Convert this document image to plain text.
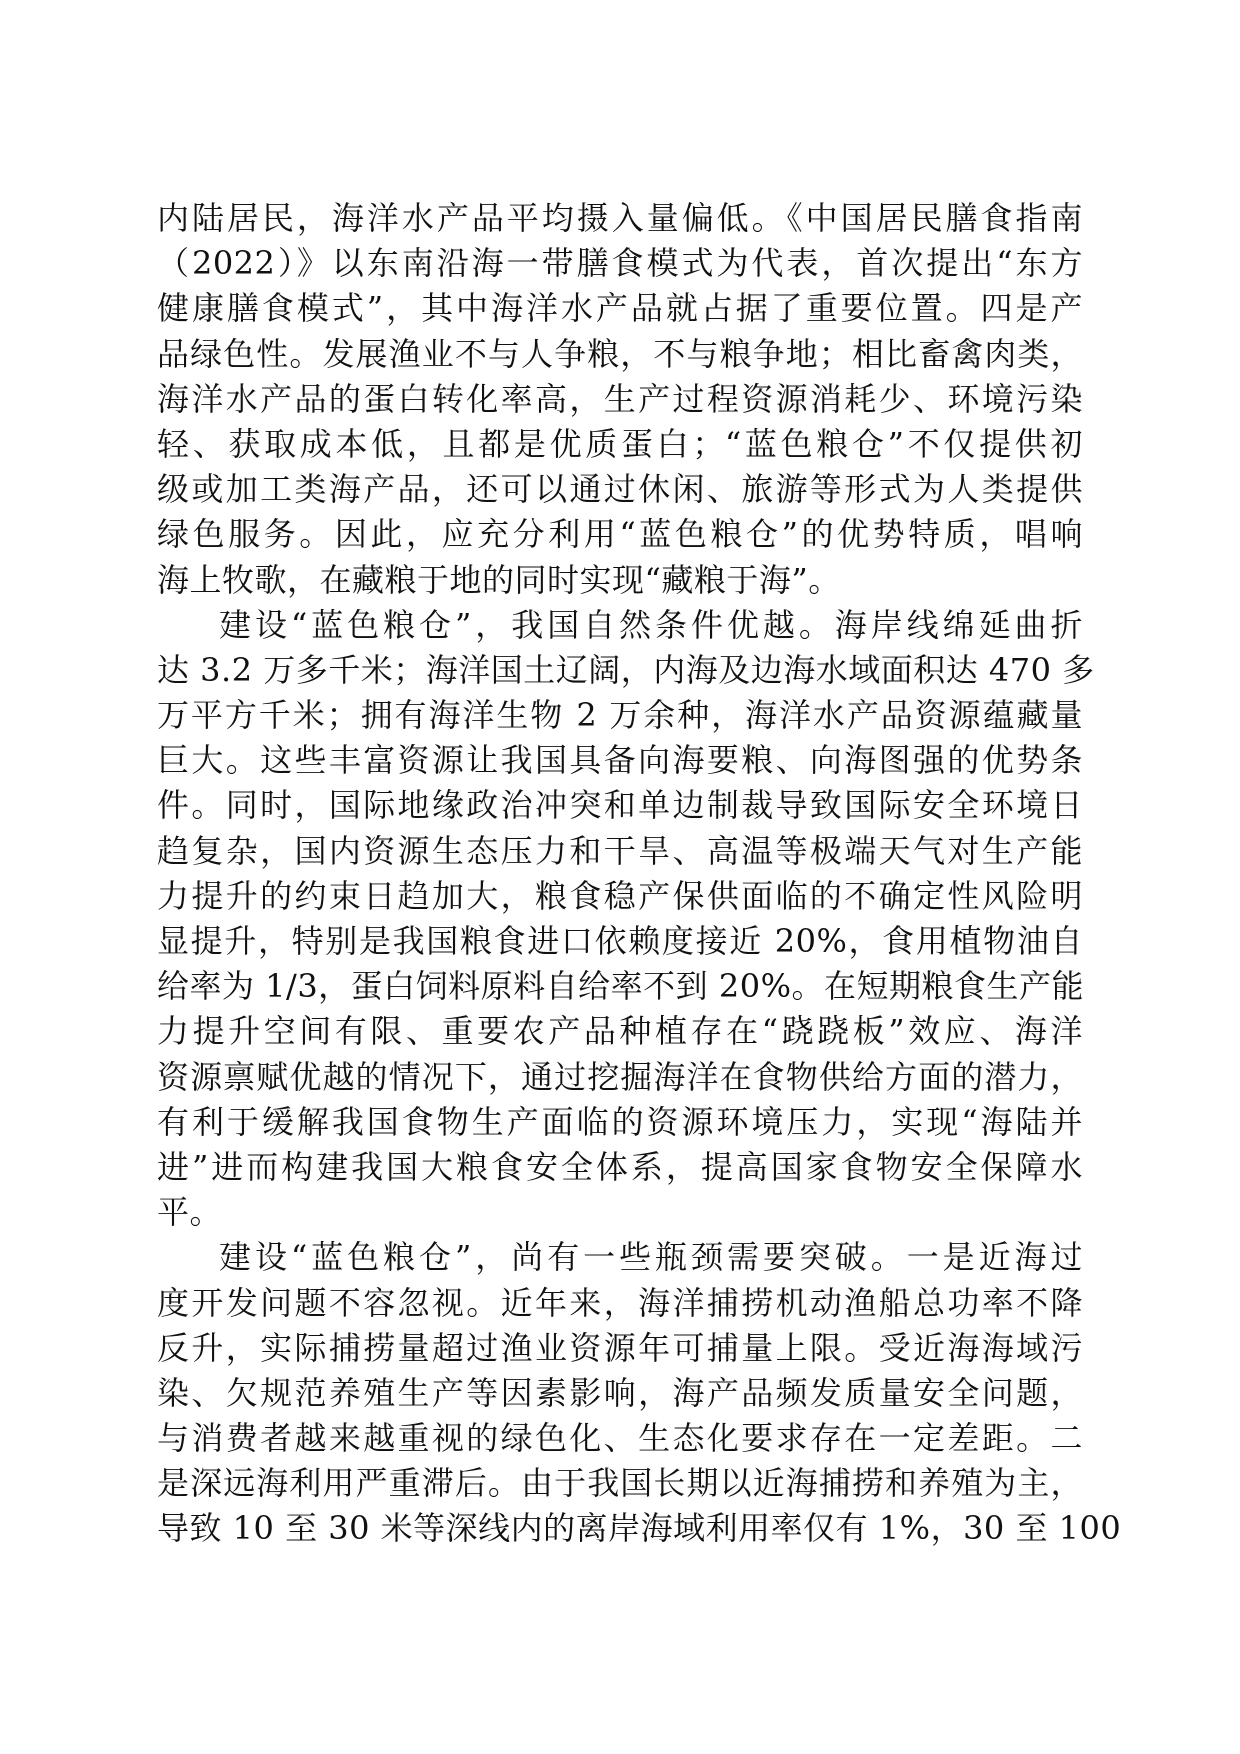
内陆居民，海洋水产品平均摄入量偏低。《中国居民膳食指南
（2022）》以东南沿海一带膳食模式为代表，首次提出“东方
健康膳食模式”，其中海洋水产品就占据了重要位置。四是产
品绿色性。发展渔业不与人争粮，不与粮争地；相比畜禽肉类，
海洋水产品的蛋白转化率高，生产过程资源消耗少、环境污染
轻、获取成本低，且都是优质蛋白；“蓝色粮仓”不仅提供初
级或加工类海产品，还可以通过休闲、旅游等形式为人类提供
绿色服务。因此，应充分利用“蓝色粮仓”的优势特质，唱响
海上牧歌，在藏粮于地的同时实现“藏粮于海”。
建设“蓝色粮仓”，我国自然条件优越。海岸线绵延曲折
达 3.2 万多千米；海洋国土辽阔，内海及边海水域面积达 470 多
万平方千米；拥有海洋生物 2 万余种，海洋水产品资源蕴藏量
巨大。这些丰富资源让我国具备向海要粮、向海图强的优势条
件。同时，国际地缘政治冲突和单边制裁导致国际安全环境日
趋复杂，国内资源生态压力和干旱、高温等极端天气对生产能
力提升的约束日趋加大，粮食稳产保供面临的不确定性风险明
显提升，特别是我国粮食进口依赖度接近 20%，食用植物油自
给率为 1/3，蛋白饲料原料自给率不到 20%。在短期粮食生产能
力提升空间有限、重要农产品种植存在“跷跷板”效应、海洋
资源禀赋优越的情况下，通过挖掘海洋在食物供给方面的潜力，
有利于缓解我国食物生产面临的资源环境压力，实现“海陆并
进”进而构建我国大粮食安全体系，提高国家食物安全保障水
平。
建设“蓝色粮仓”，尚有一些瓶颈需要突破。一是近海过
度开发问题不容忽视。近年来，海洋捕捞机动渔船总功率不降
反升，实际捕捞量超过渔业资源年可捕量上限。受近海海域污
染、欠规范养殖生产等因素影响，海产品频发质量安全问题，
与消费者越来越重视的绿色化、生态化要求存在一定差距。二
是深远海利用严重滞后。由于我国长期以近海捕捞和养殖为主，
导致 10 至 30 米等深线内的离岸海域利用率仅有 1%，30 至 100
